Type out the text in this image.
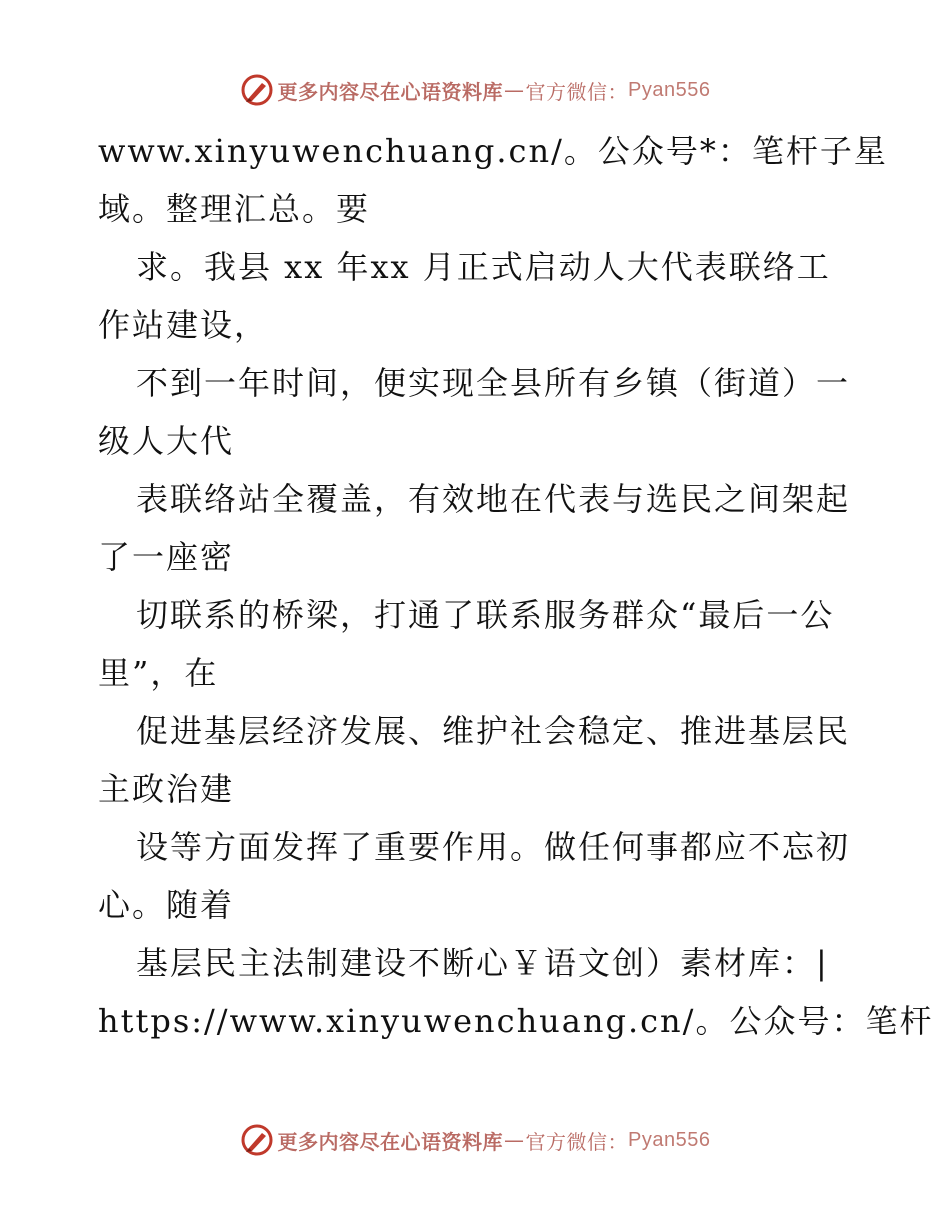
更多内容尽在心语资料库 — 官方微信： Pyan556
www.xinyuwenchuang.cn/。公众号*：笔杆子星
域。整理汇总。要
求。我县 xx 年xx 月正式启动人大代表联络工
作站建设，
不到一年时间，便实现全县所有乡镇（街道）一
级人大代
表联络站全覆盖，有效地在代表与选民之间架起
了一座密
切联系的桥梁，打通了联系服务群众“最后一公
里”，在
促进基层经济发展、维护社会稳定、推进基层民
主政治建
设等方面发挥了重要作用。做任何事都应不忘初
心。随着
基层民主法制建设不断心￥语文创）素材库：|
https://www.xinyuwenchuang.cn/。公众号：笔杆
更多内容尽在心语资料库 — 官方微信： Pyan556
